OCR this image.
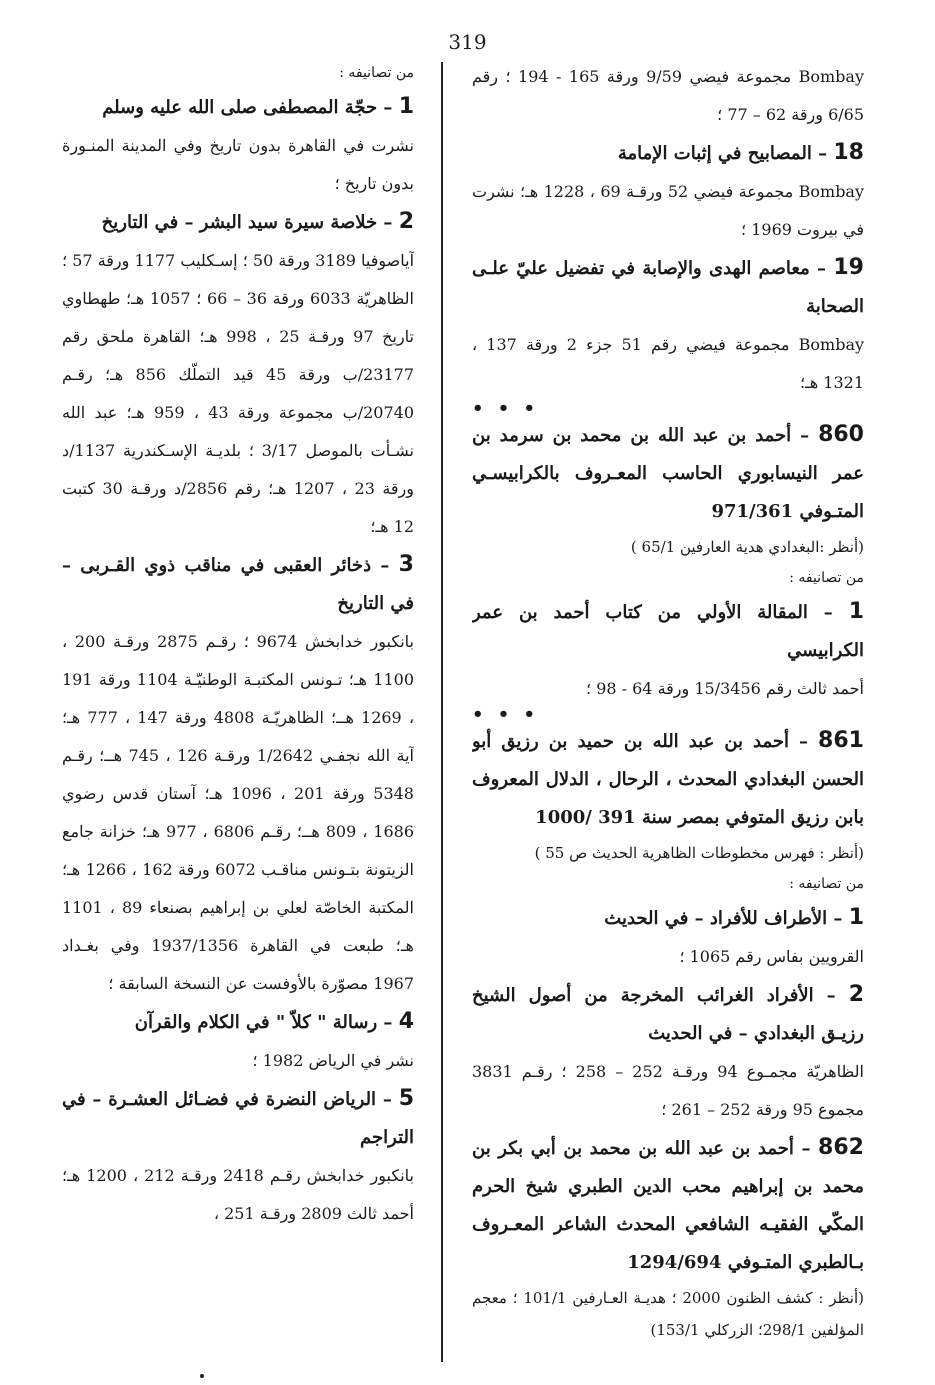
319
Bombay مجموعة فيضي 9/59 ورقة 165 - 194 ؛ رقم 6/65 ورقة 62 – 77 ؛
18 – المصابيح في إثبات الإمامة
Bombay مجموعة فيضي 52 ورقـة 69 ، 1228 هـ؛ نشرت في بيروت 1969 ؛
19 – معاصم الهدى والإصابة في تفضيل عليّ علـى الصحابة
Bombay مجموعة فيضي رقم 51 جزء 2 ورقة 137 ، 1321 هـ؛
• • •
860 – أحمد بن عبد الله بن محمد بن سرمد بن عمر النيسابوري الحاسب المعـروف بالكرابيسـي المتـوفي 971/361
(أنظر :البغدادي هدية العارفين 65/1 )
من تصانيفه :
1 – المقالة الأولي من كتاب أحمد بن عمر الكرابيسي
أحمد ثالث رقم 15/3456 ورقة 64 - 98 ؛
• • •
861 – أحمد بن عبد الله بن حميد بن رزيق أبو الحسن البغدادي المحدث ، الرحال ، الدلال المعروف بابن رزيق المتوفي بمصر سنة 391 /1000
(أنظر : فهرس مخطوطات الظاهرية الحديث ص 55 )
من تصانيفه :
1 – الأطراف للأفراد – في الحديث
القرويين بفاس رقم 1065 ؛
2 – الأفراد الغرائب المخرجة من أصول الشيخ رزيـق البغدادي – في الحديث
الظاهريّة مجمـوع 94 ورقـة 252 – 258 ؛ رقـم 3831 مجموع 95 ورقة 252 – 261 ؛
862 – أحمد بن عبد الله بن محمد بن أبي بكر بن محمد بن إبراهيم محب الدين الطبري شيخ الحرم المكّي الفقيـه الشافعي المحدث الشاعر المعـروف بـالطبري المتـوفي 1294/694
(أنظر : كشف الظنون 2000 ؛ هديـة العـارفين 101/1 ؛ معجم المؤلفين 298/1؛ الزركلي 153/1)
من تصانيفه :
1 – حجّة المصطفى صلى الله عليه وسلم
نشرت في القاهرة بدون تاريخ وفي المدينة المنـورة بدون تاريخ ؛
2 – خلاصة سيرة سيد البشر – في التاريخ
آياصوفيا 3189 ورقة 50 ؛ إسـكليب 1177 ورقة 57 ؛ الظاهريّة 6033 ورقة 36 – 66 ؛ 1057 هـ؛ طهطاوي تاريخ 97 ورقـة 25 ، 998 هـ؛ القاهرة ملحق رقم 23177/ب ورقة 45 قيد التملّك 856 هـ؛ رقـم 20740/ب مجموعة ورقة 43 ، 959 هـ؛ عبد الله نشـأت بالموصل 3/17 ؛ بلديـة الإسـكندرية 1137/د ورقة 23 ، 1207 هـ؛ رقم 2856/د ورقـة 30 كتبت 12 هـ؛
3 – ذخائر العقبى في مناقب ذوي القـربى – في التاريخ
بانكبور خدابخش 9674 ؛ رقـم 2875 ورقـة 200 ، 1100 هـ؛ تـونس المكتبـة الوطنيّـة 1104 ورقة 191 ، 1269 هــ؛ الظاهريّـة 4808 ورقة 147 ، 777 هـ؛ آية الله نجفـي 1/2642 ورقـة 126 ، 745 هــ؛ رقـم 5348 ورقة 201 ، 1096 هـ؛ آستان قدس رضوي 1686 ، 809 هــ؛ رقـم 6806 ، 977 هـ؛ خزانة جامع الزيتونة بتـونس مناقـب 6072 ورقة 162 ، 1266 هـ؛ المكتبة الخاصّة لعلي بن إبراهيم بصنعاء 89 ، 1101 هـ؛ طبعت في القاهرة 1937/1356 وفي بغـداد 1967 مصوّرة بالأوفست عن النسخة السابقة ؛
4 – رسالة " كلاّ " في الكلام والقرآن
نشر في الرياض 1982 ؛
5 – الرياض النضرة في فضـائل العشـرة – في التراجم
بانكبور خدابخش رقـم 2418 ورقـة 212 ، 1200 هـ؛ أحمد ثالث 2809 ورقـة 251 ،
